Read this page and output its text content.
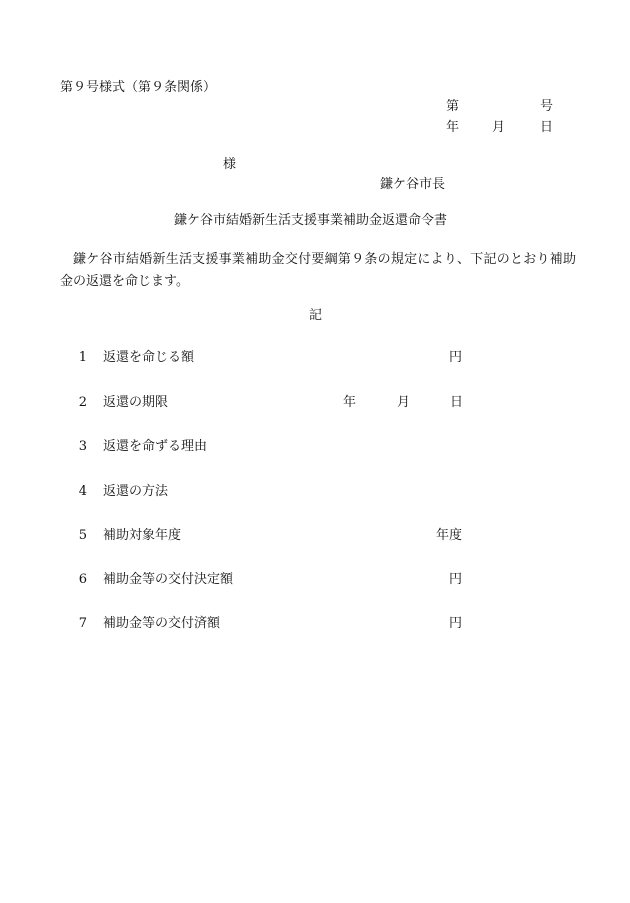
第９号様式（第９条関係）
第	号
年	月	日
様
鎌ケ谷市長
鎌ケ谷市結婚新生活支援事業補助金返還命令書
鎌ケ谷市結婚新生活支援事業補助金交付要綱第９条の規定により、下記のとおり補助金の返還を命じます。
記
1 返還を命じる額	円
2 返還の期限	年	月	日
3 返還を命ずる理由
4 返還の方法
5 補助対象年度	年度
6 補助金等の交付決定額	円
7 補助金等の交付済額	円
